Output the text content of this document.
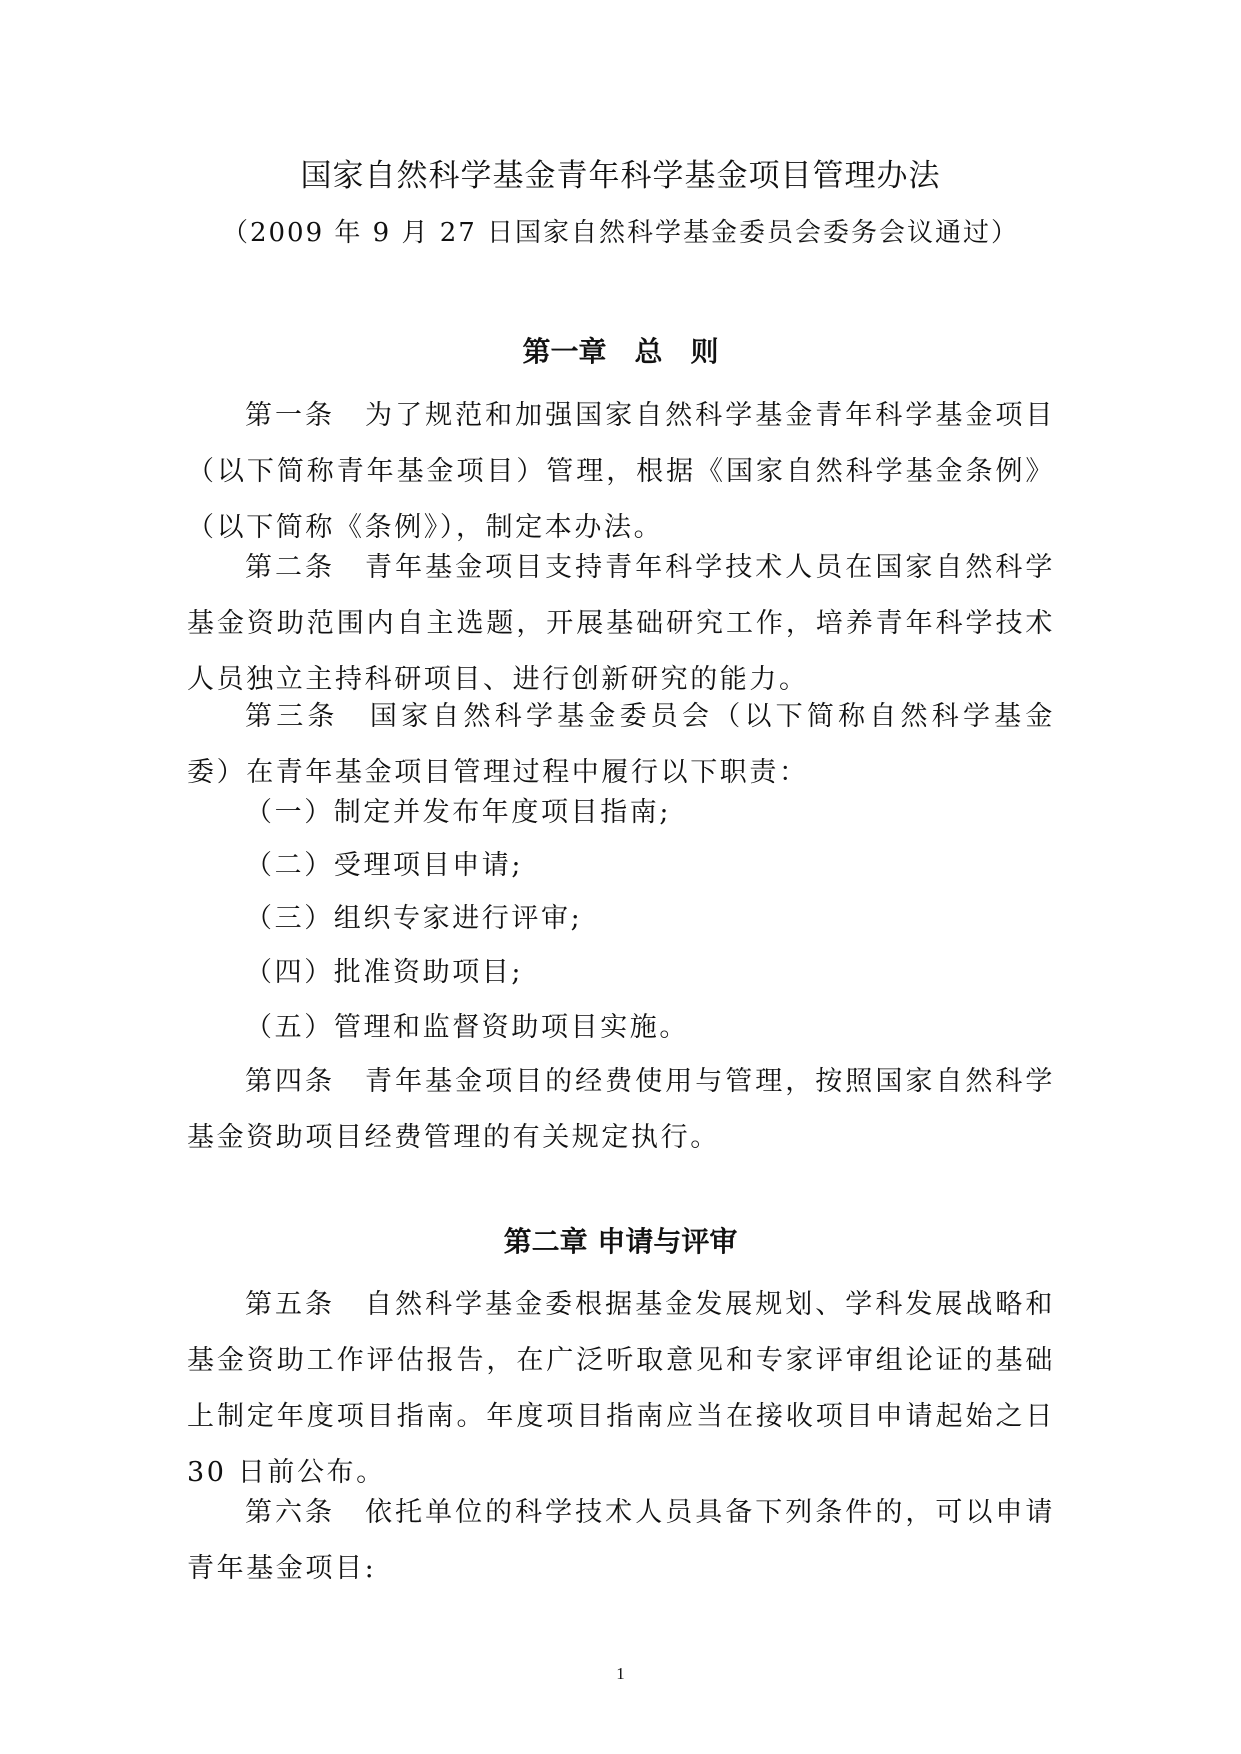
国家自然科学基金青年科学基金项目管理办法

（2009 年 9 月 27 日国家自然科学基金委员会委务会议通过）

第一章　总　则

第一条　为了规范和加强国家自然科学基金青年科学基金项目（以下简称青年基金项目）管理，根据《国家自然科学基金条例》（以下简称《条例》），制定本办法。

第二条　青年基金项目支持青年科学技术人员在国家自然科学基金资助范围内自主选题，开展基础研究工作，培养青年科学技术人员独立主持科研项目、进行创新研究的能力。

第三条　国家自然科学基金委员会（以下简称自然科学基金委）在青年基金项目管理过程中履行以下职责：

（一）制定并发布年度项目指南;

（二）受理项目申请;

（三）组织专家进行评审;

（四）批准资助项目;

（五）管理和监督资助项目实施。

第四条　青年基金项目的经费使用与管理，按照国家自然科学基金资助项目经费管理的有关规定执行。

第二章 申请与评审

第五条　自然科学基金委根据基金发展规划、学科发展战略和基金资助工作评估报告，在广泛听取意见和专家评审组论证的基础上制定年度项目指南。年度项目指南应当在接收项目申请起始之日 30 日前公布。

第六条　依托单位的科学技术人员具备下列条件的，可以申请青年基金项目:

1
